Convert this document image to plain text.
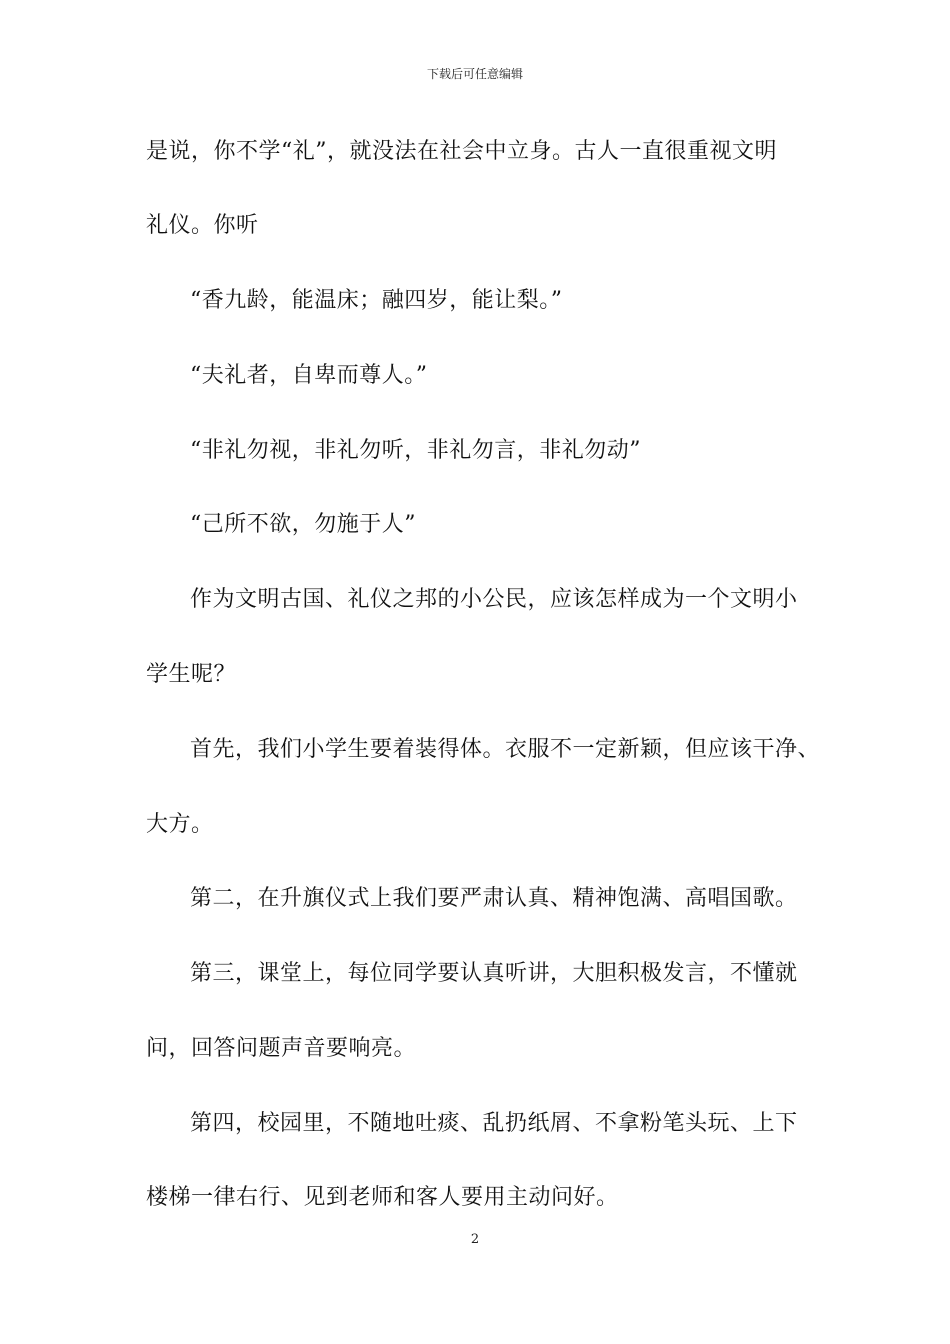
下载后可任意编辑
是说，你不学“礼”，就没法在社会中立身。古人一直很重视文明
礼仪。你听
“香九龄，能温床；融四岁，能让梨。”
“夫礼者，自卑而尊人。”
“非礼勿视，非礼勿听，非礼勿言，非礼勿动”
“己所不欲，勿施于人”
作为文明古国、礼仪之邦的小公民，应该怎样成为一个文明小
学生呢？
首先，我们小学生要着装得体。衣服不一定新颖，但应该干净、
大方。
第二，在升旗仪式上我们要严肃认真、精神饱满、高唱国歌。
第三，课堂上，每位同学要认真听讲，大胆积极发言，不懂就
问，回答问题声音要响亮。
第四，校园里，不随地吐痰、乱扔纸屑、不拿粉笔头玩、上下
楼梯一律右行、见到老师和客人要用主动问好。
2
